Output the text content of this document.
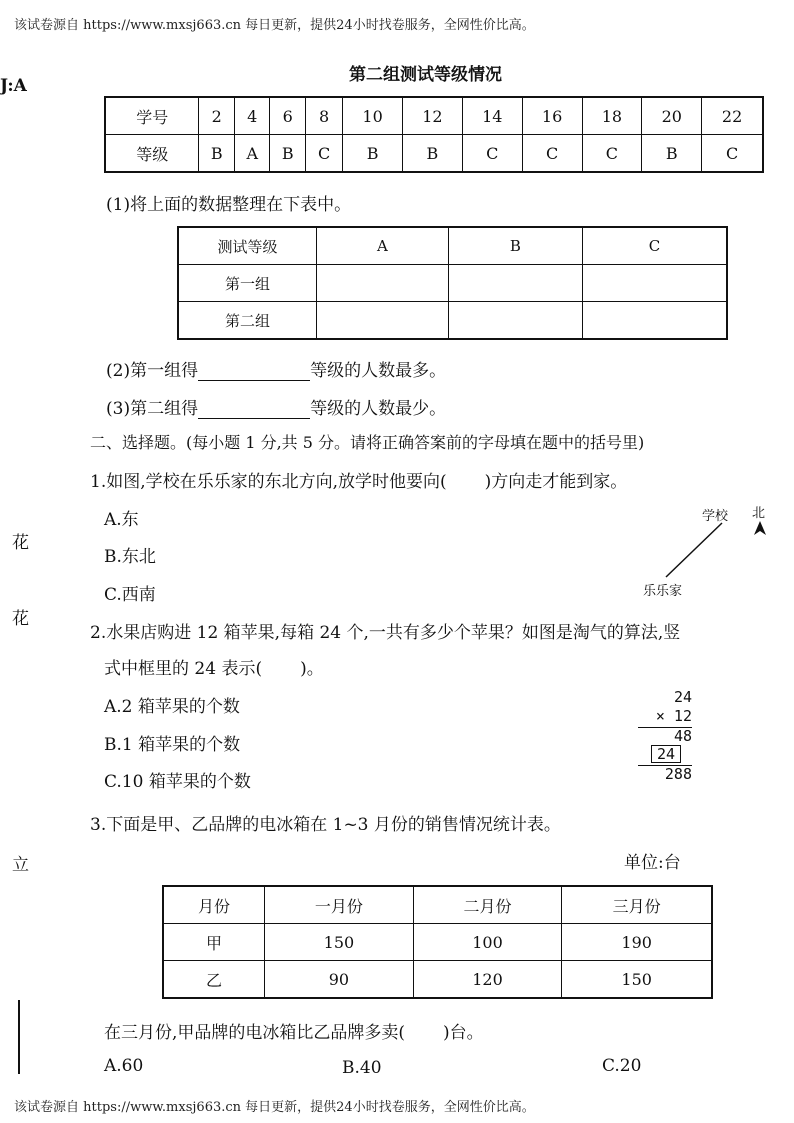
该试卷源自 https://www.mxsj663.cn 每日更新，提供24小时找卷服务，全网性价比高。
该试卷源自 https://www.mxsj663.cn 每日更新，提供24小时找卷服务，全网性价比高。
J:A
花
花
立
第二组测试等级情况
学号	2	4	6	8	10	12	14	16	18	20	22
等级	B	A	B	C	B	B	C	C	C	B	C
(1)将上面的数据整理在下表中。
测试等级	A	B	C
第一组			
第二组			
(2)第一组得	等级的人数最多。
(3)第二组得	等级的人数最少。
二、选择题。(每小题 1 分,共 5 分。请将正确答案前的字母填在题中的括号里)
1.如图,学校在乐乐家的东北方向,放学时他要向( )方向走才能到家。
A.东
B.东北
C.西南
学校 北
乐乐家
2.水果店购进 12 箱苹果,每箱 24 个,一共有多少个苹果？如图是淘气的算法,竖
式中框里的 24 表示( )。
A.2 箱苹果的个数
B.1 箱苹果的个数
C.10 箱苹果的个数
24
× 12
48
24
288
3.下面是甲、乙品牌的电冰箱在 1~3 月份的销售情况统计表。
单位:台
月份	一月份	二月份	三月份
甲	150	100	190
乙	90	120	150
在三月份,甲品牌的电冰箱比乙品牌多卖( )台。
A.60	B.40	C.20
